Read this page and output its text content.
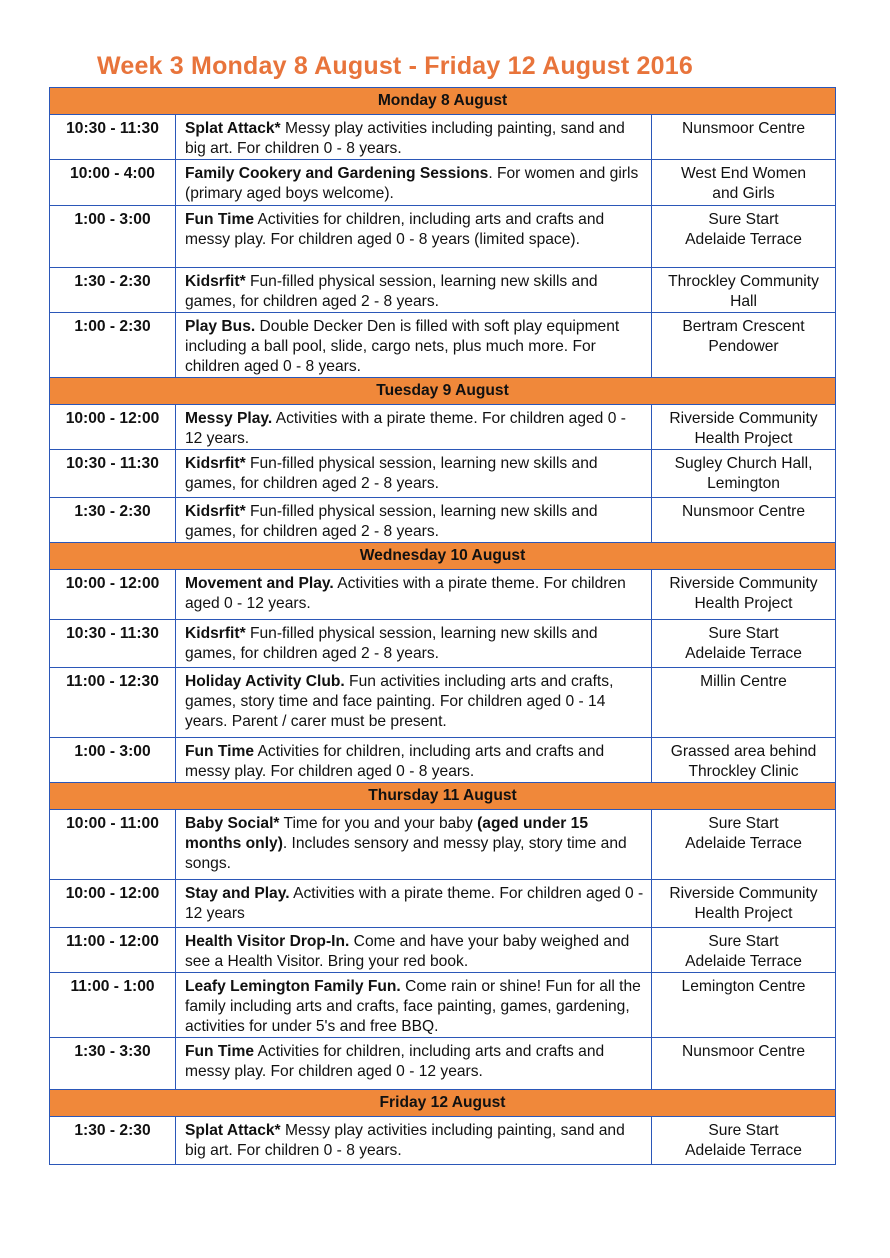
Week 3 Monday 8 August - Friday 12 August 2016
Monday 8 August		
10:30 - 11:30	Splat Attack* Messy play activities including painting, sand and big art. For children 0 - 8 years.	Nunsmoor Centre

10:00 - 4:00	Family Cookery and Gardening Sessions. For women and girls (primary aged boys welcome).	West End Women
and Girls

1:00 - 3:00	Fun Time Activities for children, including arts and crafts and messy play. For children aged 0 - 8 years (limited space).	Sure Start
Adelaide Terrace

1:30 - 2:30	Kidsrfit* Fun-filled physical session, learning new skills and games, for children aged 2 - 8 years.	Throckley Community
Hall

1:00 - 2:30	Play Bus. Double Decker Den is filled with soft play equipment including a ball pool, slide, cargo nets, plus much more. For children aged 0 - 8 years.	Bertram Crescent
Pendower

Tuesday 9 August		
10:00 - 12:00	Messy Play. Activities with a pirate theme. For children aged 0 - 12 years.	Riverside Community
Health Project

10:30 - 11:30	Kidsrfit* Fun-filled physical session, learning new skills and games, for children aged 2 - 8 years.	Sugley Church Hall,
Lemington

1:30 - 2:30	Kidsrfit* Fun-filled physical session, learning new skills and games, for children aged 2 - 8 years.	Nunsmoor Centre

Wednesday 10 August		
10:00 - 12:00	Movement and Play. Activities with a pirate theme. For children aged 0 - 12 years.	Riverside Community
Health Project

10:30 - 11:30	Kidsrfit* Fun-filled physical session, learning new skills and games, for children aged 2 - 8 years.	Sure Start
Adelaide Terrace

11:00 - 12:30	Holiday Activity Club. Fun activities including arts and crafts, games, story time and face painting. For children aged 0 - 14 years. Parent / carer must be present.	Millin Centre

1:00 - 3:00	Fun Time Activities for children, including arts and crafts and messy play. For children aged 0 - 8 years.	Grassed area behind
Throckley Clinic

Thursday 11 August		
10:00 - 11:00	Baby Social* Time for you and your baby (aged under 15 months only). Includes sensory and messy play, story time and songs.	Sure Start
Adelaide Terrace

10:00 - 12:00	Stay and Play. Activities with a pirate theme. For children aged 0 - 12 years	Riverside Community
Health Project

11:00 - 12:00	Health Visitor Drop-In. Come and have your baby weighed and see a Health Visitor. Bring your red book.	Sure Start
Adelaide Terrace

11:00 - 1:00	Leafy Lemington Family Fun. Come rain or shine! Fun for all the family including arts and crafts, face painting, games, gardening, activities for under 5's and free BBQ.	Lemington Centre

1:30 - 3:30	Fun Time Activities for children, including arts and crafts and messy play. For children aged 0 - 12 years.	Nunsmoor Centre

Friday 12 August		
1:30 - 2:30	Splat Attack* Messy play activities including painting, sand and big art. For children 0 - 8 years.	Sure Start
Adelaide Terrace
